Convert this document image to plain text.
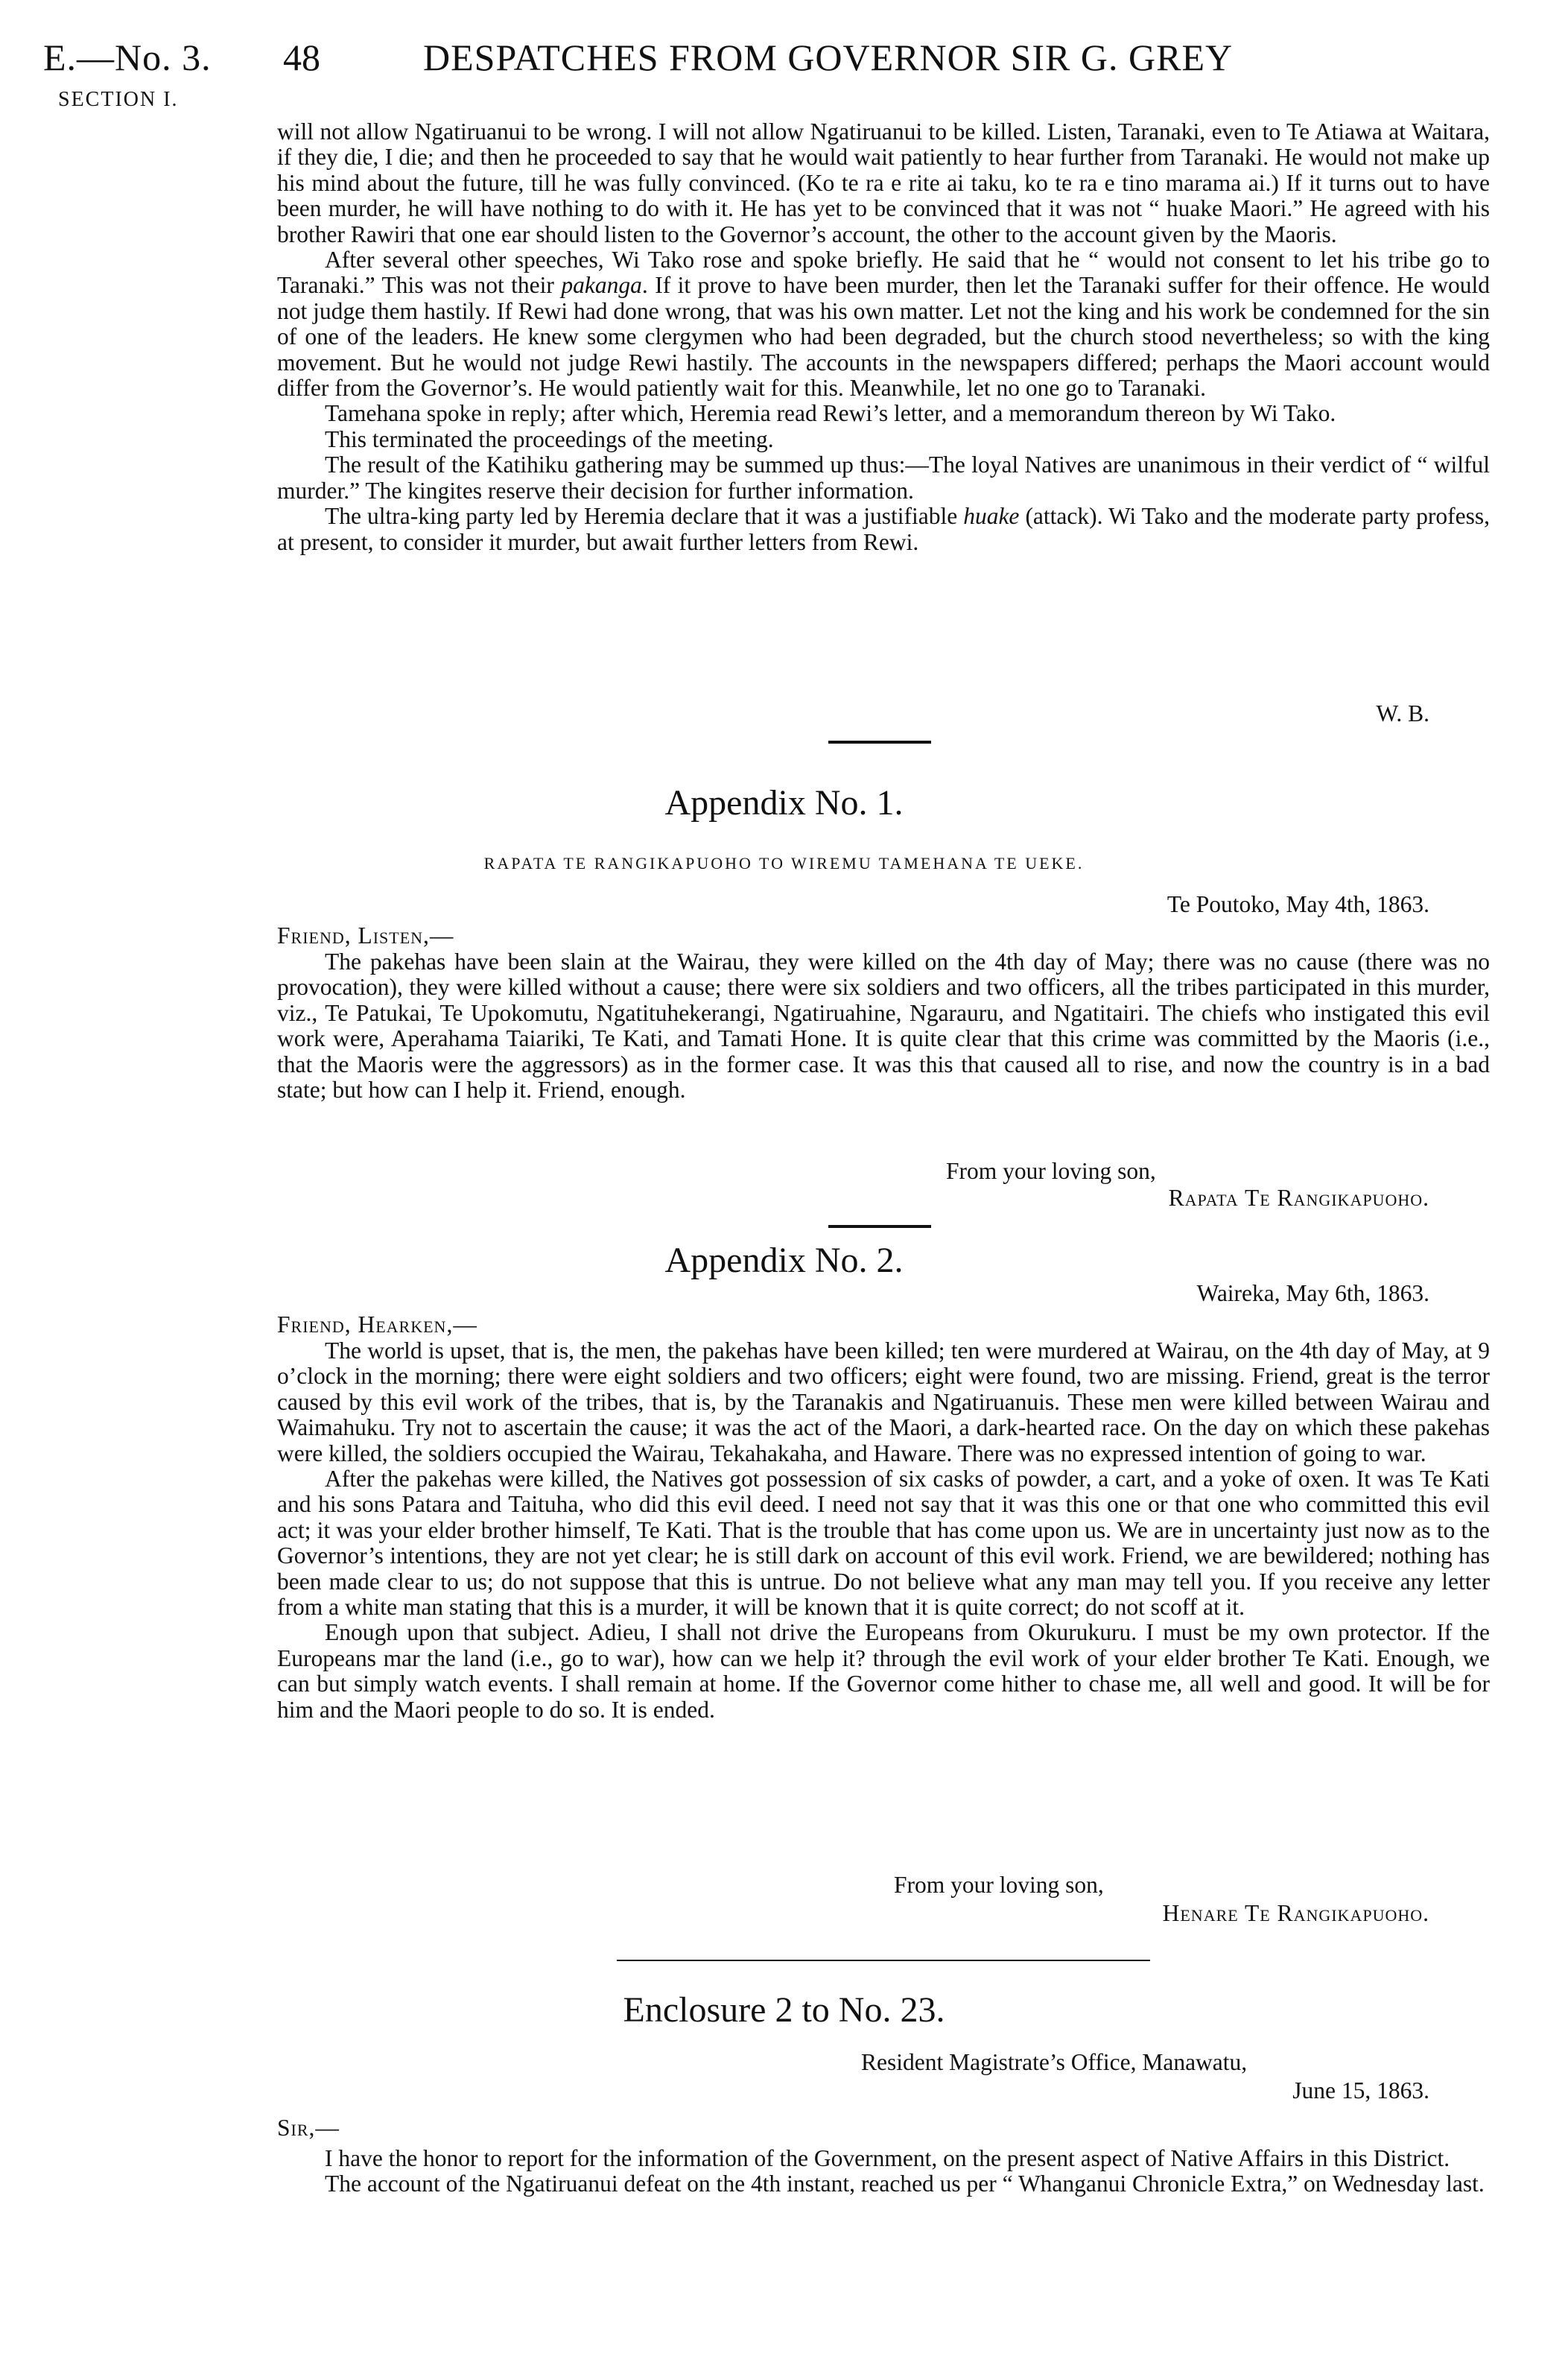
E.—No. 3.
SECTION I.
48	DESPATCHES FROM GOVERNOR SIR G. GREY

will not allow Ngatiruanui to be wrong. I will not allow Ngatiruanui to be killed. Listen, Taranaki, even to Te Atiawa at Waitara, if they die, I die; and then he proceeded to say that he would wait patiently to hear further from Taranaki. He would not make up his mind about the future, till he was fully convinced. (Ko te ra e rite ai taku, ko te ra e tino marama ai.) If it turns out to have been murder, he will have nothing to do with it. He has yet to be convinced that it was not “ huake Maori.” He agreed with his brother Rawiri that one ear should listen to the Governor’s account, the other to the account given by the Maoris.

After several other speeches, Wi Tako rose and spoke briefly. He said that he “ would not consent to let his tribe go to Taranaki.” This was not their pakanga. If it prove to have been murder, then let the Taranaki suffer for their offence. He would not judge them hastily. If Rewi had done wrong, that was his own matter. Let not the king and his work be condemned for the sin of one of the leaders. He knew some clergymen who had been degraded, but the church stood nevertheless; so with the king movement. But he would not judge Rewi hastily. The accounts in the newspapers differed; perhaps the Maori account would differ from the Governor’s. He would patiently wait for this. Meanwhile, let no one go to Taranaki.

Tamehana spoke in reply; after which, Heremia read Rewi’s letter, and a memorandum thereon by Wi Tako.

This terminated the proceedings of the meeting.

The result of the Katihiku gathering may be summed up thus:—The loyal Natives are unanimous in their verdict of “ wilful murder.” The kingites reserve their decision for further information.

The ultra-king party led by Heremia declare that it was a justifiable huake (attack). Wi Tako and the moderate party profess, at present, to consider it murder, but await further letters from Rewi.

W. B.
Appendix No. 1.
RAPATA TE RANGIKAPUOHO TO WIREMU TAMEHANA TE UEKE.
Te Poutoko, May 4th, 1863.
Friend, Listen,—

The pakehas have been slain at the Wairau, they were killed on the 4th day of May; there was no cause (there was no provocation), they were killed without a cause; there were six soldiers and two officers, all the tribes participated in this murder, viz., Te Patukai, Te Upokomutu, Ngatituhekerangi, Ngatiruahine, Ngarauru, and Ngatitairi. The chiefs who instigated this evil work were, Aperahama Taiariki, Te Kati, and Tamati Hone. It is quite clear that this crime was committed by the Maoris (i.e., that the Maoris were the aggressors) as in the former case. It was this that caused all to rise, and now the country is in a bad state; but how can I help it. Friend, enough.

From your loving son,
Rapata Te Rangikapuoho.
Appendix No. 2.
Waireka, May 6th, 1863.
Friend, Hearken,—

The world is upset, that is, the men, the pakehas have been killed; ten were murdered at Wairau, on the 4th day of May, at 9 o’clock in the morning; there were eight soldiers and two officers; eight were found, two are missing. Friend, great is the terror caused by this evil work of the tribes, that is, by the Taranakis and Ngatiruanuis. These men were killed between Wairau and Waimahuku. Try not to ascertain the cause; it was the act of the Maori, a dark-hearted race. On the day on which these pakehas were killed, the soldiers occupied the Wairau, Tekahakaha, and Haware. There was no expressed intention of going to war.

After the pakehas were killed, the Natives got possession of six casks of powder, a cart, and a yoke of oxen. It was Te Kati and his sons Patara and Taituha, who did this evil deed. I need not say that it was this one or that one who committed this evil act; it was your elder brother himself, Te Kati. That is the trouble that has come upon us. We are in uncertainty just now as to the Governor’s intentions, they are not yet clear; he is still dark on account of this evil work. Friend, we are bewildered; nothing has been made clear to us; do not suppose that this is untrue. Do not believe what any man may tell you. If you receive any letter from a white man stating that this is a murder, it will be known that it is quite correct; do not scoff at it.

Enough upon that subject. Adieu, I shall not drive the Europeans from Okurukuru. I must be my own protector. If the Europeans mar the land (i.e., go to war), how can we help it? through the evil work of your elder brother Te Kati. Enough, we can but simply watch events. I shall remain at home. If the Governor come hither to chase me, all well and good. It will be for him and the Maori people to do so. It is ended.

From your loving son,
Henare Te Rangikapuoho.
Enclosure 2 to No. 23.
Resident Magistrate’s Office, Manawatu,
June 15, 1863.
Sir,—

I have the honor to report for the information of the Government, on the present aspect of Native Affairs in this District.

The account of the Ngatiruanui defeat on the 4th instant, reached us per “ Whanganui Chronicle Extra,” on Wednesday last.
